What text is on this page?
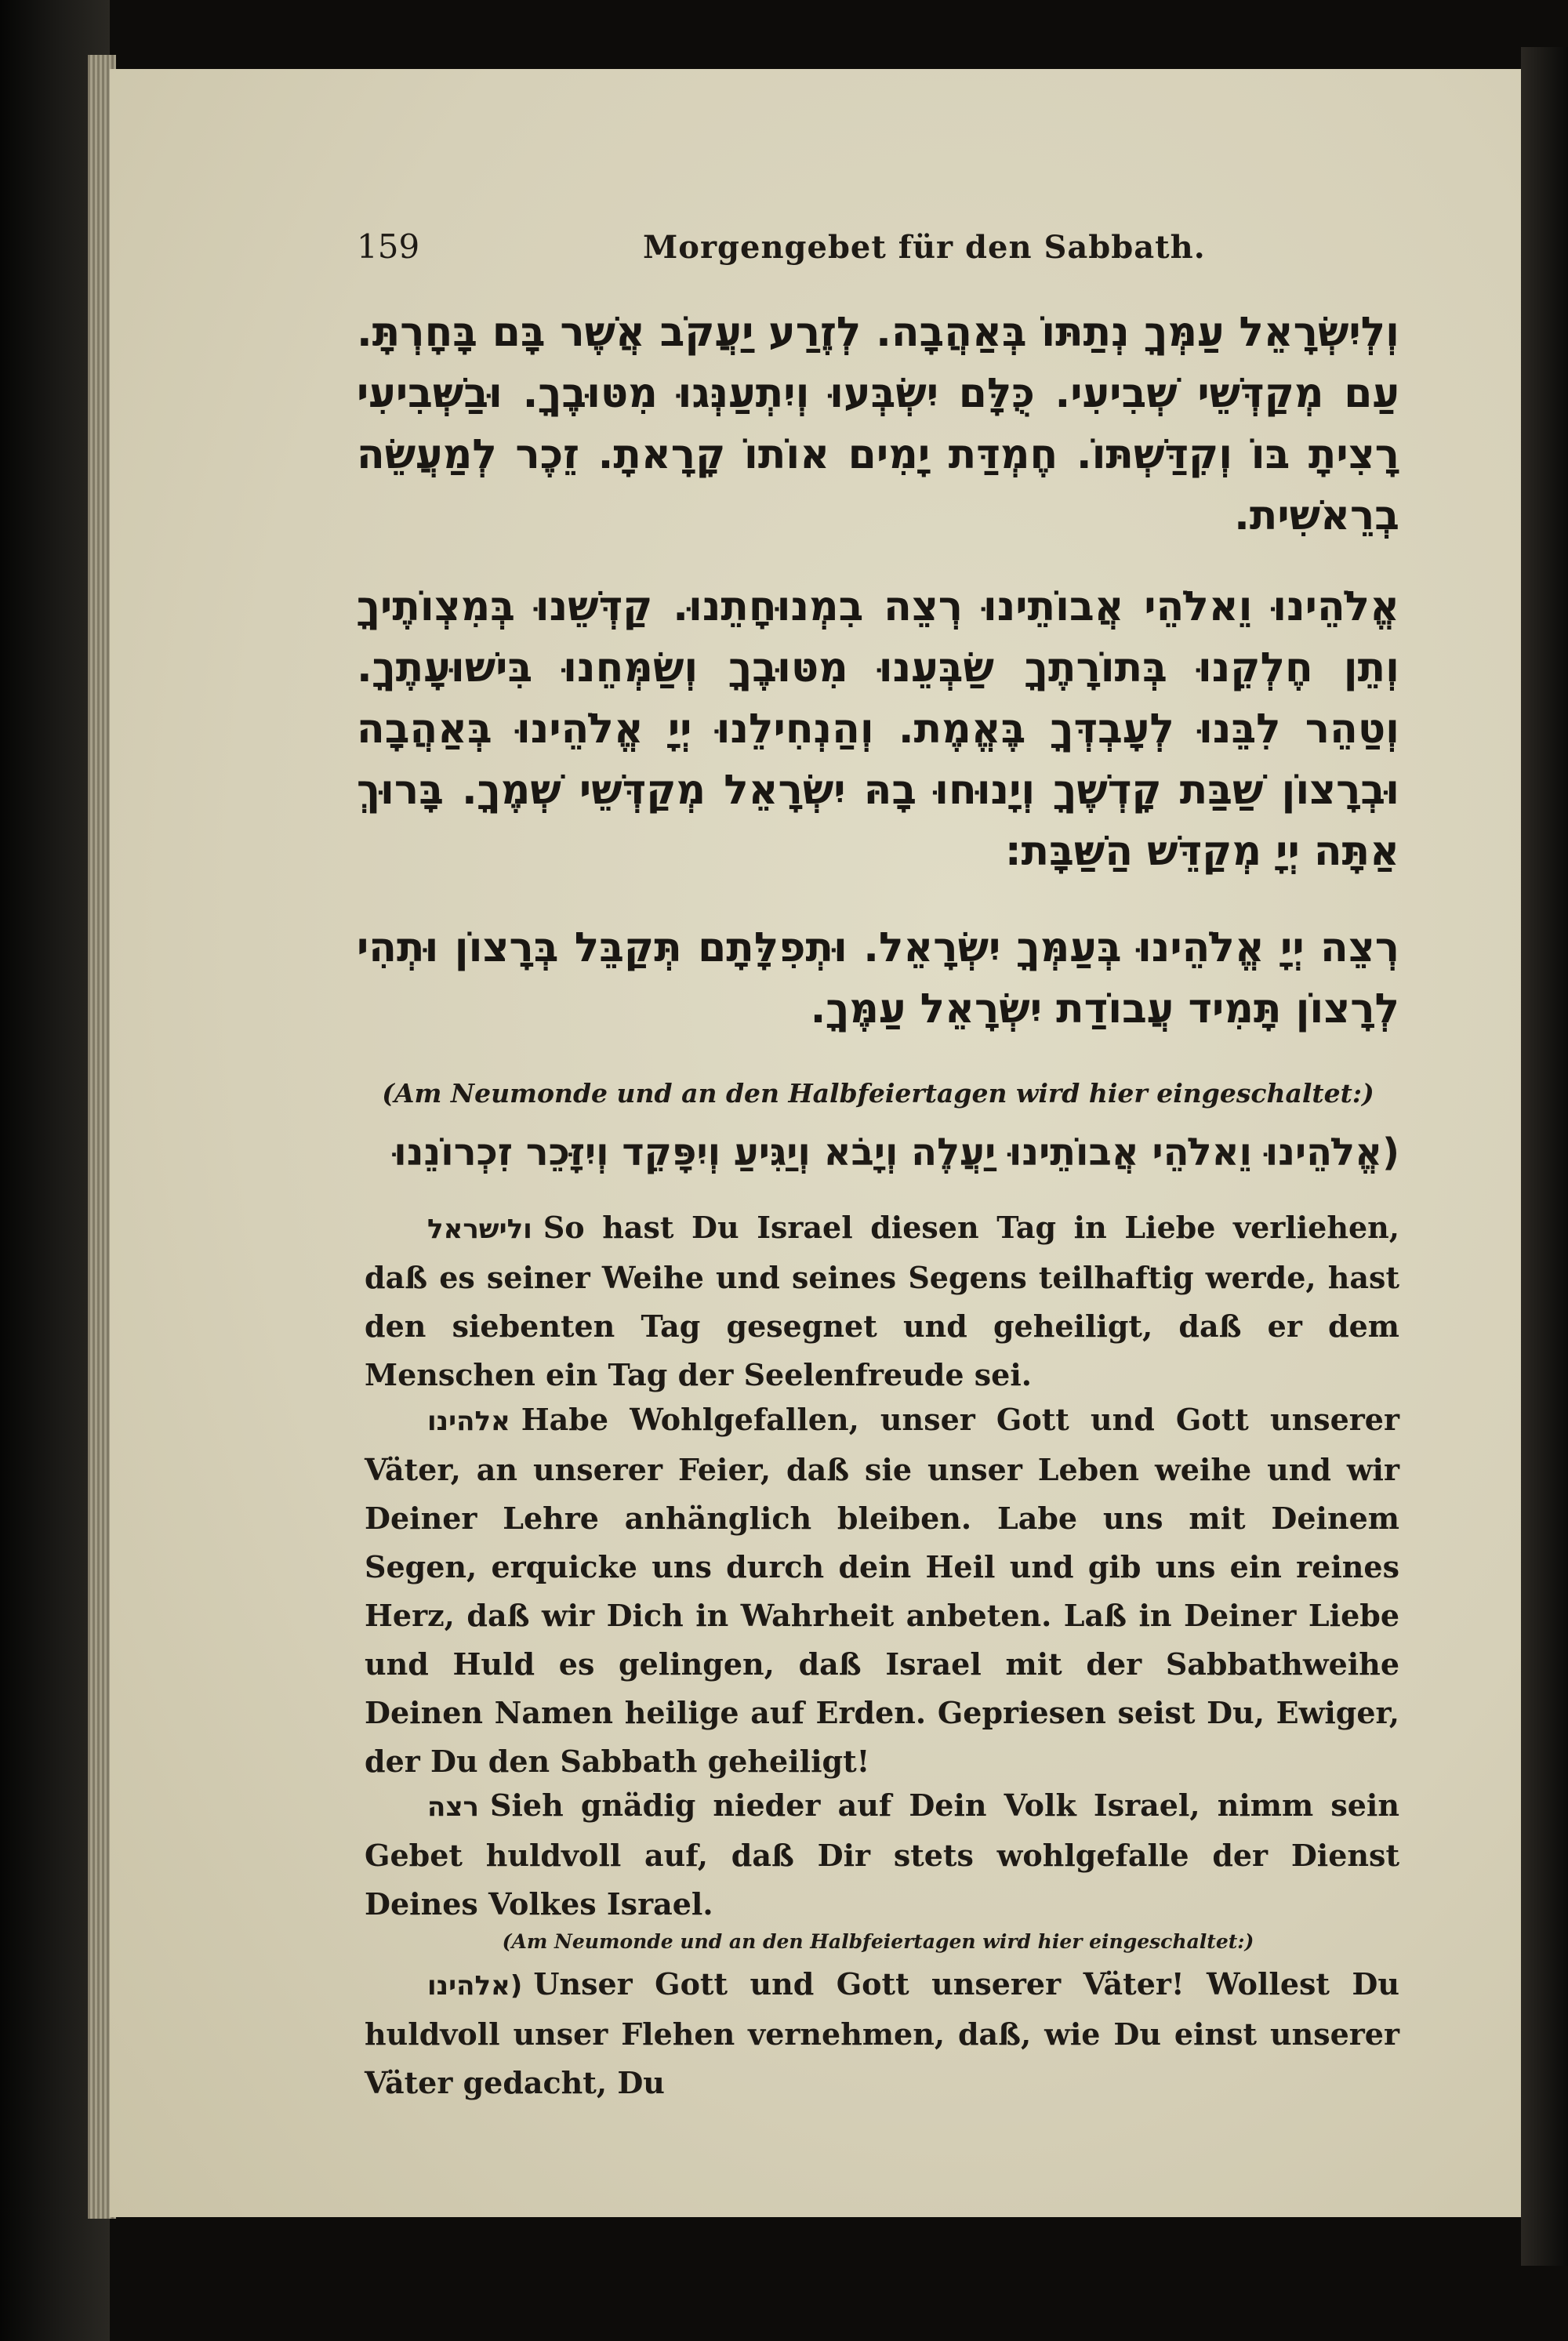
159	Morgengebet für den Sabbath.

וְלְיִשְׂרָאֵל עַמְּךָ נְתַתּוֹ בְּאַהֲבָה. לְזֶרַע יַעֲקֹב אֲשֶׁר בָּם בָּחָרְתָּ. עַם מְקַדְּשֵׁי שְׁבִיעִי. כֻּלָּם יִשְׂבְּעוּ וְיִתְעַנְּגוּ מִטּוּבֶךָ. וּבַשְּׁבִיעִי רָצִיתָ בּוֹ וְקִדַּשְׁתּוֹ. חֶמְדַּת יָמִים אוֹתוֹ קָרָאתָ. זֵכֶר לְמַעֲשֵׂה בְרֵאשִׁית.

אֱלֹהֵינוּ וֵאלֹהֵי אֲבוֹתֵינוּ רְצֵה בִמְנוּחָתֵנוּ. קַדְּשֵׁנוּ בְּמִצְוֹתֶיךָ וְתֵן חֶלְקֵנוּ בְּתוֹרָתֶךָ שַׂבְּעֵנוּ מִטּוּבֶךָ וְשַׂמְּחֵנוּ בִּישׁוּעָתֶךָ. וְטַהֵר לִבֵּנוּ לְעָבְדְּךָ בֶּאֱמֶת. וְהַנְחִילֵנוּ יְיָ אֱלֹהֵינוּ בְּאַהֲבָה וּבְרָצוֹן שַׁבַּת קָדְשֶׁךָ וְיָנוּחוּ בָהּ יִשְׂרָאֵל מְקַדְּשֵׁי שְׁמֶךָ. בָּרוּךְ אַתָּה יְיָ מְקַדֵּשׁ הַשַּׁבָּת:

רְצֵה יְיָ אֱלֹהֵינוּ בְּעַמְּךָ יִשְׂרָאֵל. וּתְפִלָּתָם תְּקַבֵּל בְּרָצוֹן וּתְהִי לְרָצוֹן תָּמִיד עֲבוֹדַת יִשְׂרָאֵל עַמֶּךָ.

(Am Neumonde und an den Halbfeiertagen wird hier eingeschaltet:)
(אֱלֹהֵינוּ וֵאלֹהֵי אֲבוֹתֵינוּ יַעֲלֶה וְיָבֹא וְיַגִּיעַ וְיִפָּקֵד וְיִזָּכֵר זִכְרוֹנֵנוּ

ולישראל So hast Du Israel diesen Tag in Liebe verliehen, daß es seiner Weihe und seines Segens teilhaftig werde, hast den siebenten Tag gesegnet und geheiligt, daß er dem Menschen ein Tag der Seelenfreude sei.

אלהינו Habe Wohlgefallen, unser Gott und Gott unserer Väter, an unserer Feier, daß sie unser Leben weihe und wir Deiner Lehre anhänglich bleiben. Labe uns mit Deinem Segen, erquicke uns durch dein Heil und gib uns ein reines Herz, daß wir Dich in Wahrheit anbeten. Laß in Deiner Liebe und Huld es gelingen, daß Israel mit der Sabbathweihe Deinen Namen heilige auf Erden. Gepriesen seist Du, Ewiger, der Du den Sabbath geheiligt!

רצה Sieh gnädig nieder auf Dein Volk Israel, nimm sein Gebet huldvoll auf, daß Dir stets wohlgefalle der Dienst Deines Volkes Israel.

(Am Neumonde und an den Halbfeiertagen wird hier eingeschaltet:)

(אלהינו Unser Gott und Gott unserer Väter! Wollest Du huldvoll unser Flehen vernehmen, daß, wie Du einst unserer Väter gedacht, Du
